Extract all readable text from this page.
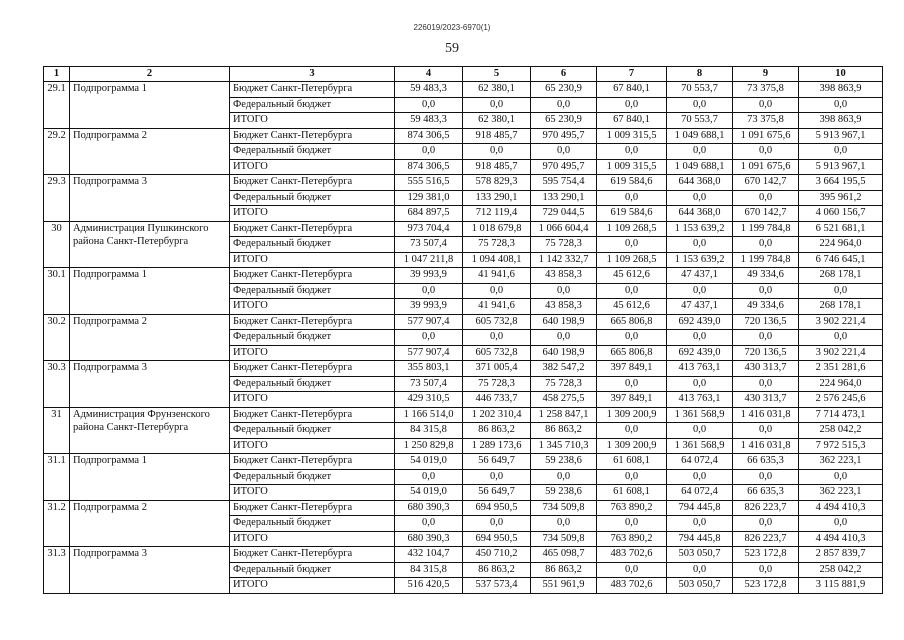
226019/2023-6970(1)
59
1	2	3	4	5	6	7	8	9	10
29.1	Подпрограмма 1	Бюджет Санкт-Петербурга	59 483,3	62 380,1	65 230,9	67 840,1	70 553,7	73 375,8	398 863,9
		Федеральный бюджет	0,0	0,0	0,0	0,0	0,0	0,0	0,0
		ИТОГО	59 483,3	62 380,1	65 230,9	67 840,1	70 553,7	73 375,8	398 863,9
29.2	Подпрограмма 2	Бюджет Санкт-Петербурга	874 306,5	918 485,7	970 495,7	1 009 315,5	1 049 688,1	1 091 675,6	5 913 967,1
		Федеральный бюджет	0,0	0,0	0,0	0,0	0,0	0,0	0,0
		ИТОГО	874 306,5	918 485,7	970 495,7	1 009 315,5	1 049 688,1	1 091 675,6	5 913 967,1
29.3	Подпрограмма 3	Бюджет Санкт-Петербурга	555 516,5	578 829,3	595 754,4	619 584,6	644 368,0	670 142,7	3 664 195,5
		Федеральный бюджет	129 381,0	133 290,1	133 290,1	0,0	0,0	0,0	395 961,2
		ИТОГО	684 897,5	712 119,4	729 044,5	619 584,6	644 368,0	670 142,7	4 060 156,7
30	Администрация Пушкинского района Санкт-Петербурга	Бюджет Санкт-Петербурга	973 704,4	1 018 679,8	1 066 604,4	1 109 268,5	1 153 639,2	1 199 784,8	6 521 681,1
		Федеральный бюджет	73 507,4	75 728,3	75 728,3	0,0	0,0	0,0	224 964,0
		ИТОГО	1 047 211,8	1 094 408,1	1 142 332,7	1 109 268,5	1 153 639,2	1 199 784,8	6 746 645,1
30.1	Подпрограмма 1	Бюджет Санкт-Петербурга	39 993,9	41 941,6	43 858,3	45 612,6	47 437,1	49 334,6	268 178,1
		Федеральный бюджет	0,0	0,0	0,0	0,0	0,0	0,0	0,0
		ИТОГО	39 993,9	41 941,6	43 858,3	45 612,6	47 437,1	49 334,6	268 178,1
30.2	Подпрограмма 2	Бюджет Санкт-Петербурга	577 907,4	605 732,8	640 198,9	665 806,8	692 439,0	720 136,5	3 902 221,4
		Федеральный бюджет	0,0	0,0	0,0	0,0	0,0	0,0	0,0
		ИТОГО	577 907,4	605 732,8	640 198,9	665 806,8	692 439,0	720 136,5	3 902 221,4
30.3	Подпрограмма 3	Бюджет Санкт-Петербурга	355 803,1	371 005,4	382 547,2	397 849,1	413 763,1	430 313,7	2 351 281,6
		Федеральный бюджет	73 507,4	75 728,3	75 728,3	0,0	0,0	0,0	224 964,0
		ИТОГО	429 310,5	446 733,7	458 275,5	397 849,1	413 763,1	430 313,7	2 576 245,6
31	Администрация Фрунзенского района Санкт-Петербурга	Бюджет Санкт-Петербурга	1 166 514,0	1 202 310,4	1 258 847,1	1 309 200,9	1 361 568,9	1 416 031,8	7 714 473,1
		Федеральный бюджет	84 315,8	86 863,2	86 863,2	0,0	0,0	0,0	258 042,2
		ИТОГО	1 250 829,8	1 289 173,6	1 345 710,3	1 309 200,9	1 361 568,9	1 416 031,8	7 972 515,3
31.1	Подпрограмма 1	Бюджет Санкт-Петербурга	54 019,0	56 649,7	59 238,6	61 608,1	64 072,4	66 635,3	362 223,1
		Федеральный бюджет	0,0	0,0	0,0	0,0	0,0	0,0	0,0
		ИТОГО	54 019,0	56 649,7	59 238,6	61 608,1	64 072,4	66 635,3	362 223,1
31.2	Подпрограмма 2	Бюджет Санкт-Петербурга	680 390,3	694 950,5	734 509,8	763 890,2	794 445,8	826 223,7	4 494 410,3
		Федеральный бюджет	0,0	0,0	0,0	0,0	0,0	0,0	0,0
		ИТОГО	680 390,3	694 950,5	734 509,8	763 890,2	794 445,8	826 223,7	4 494 410,3
31.3	Подпрограмма 3	Бюджет Санкт-Петербурга	432 104,7	450 710,2	465 098,7	483 702,6	503 050,7	523 172,8	2 857 839,7
		Федеральный бюджет	84 315,8	86 863,2	86 863,2	0,0	0,0	0,0	258 042,2
		ИТОГО	516 420,5	537 573,4	551 961,9	483 702,6	503 050,7	523 172,8	3 115 881,9
